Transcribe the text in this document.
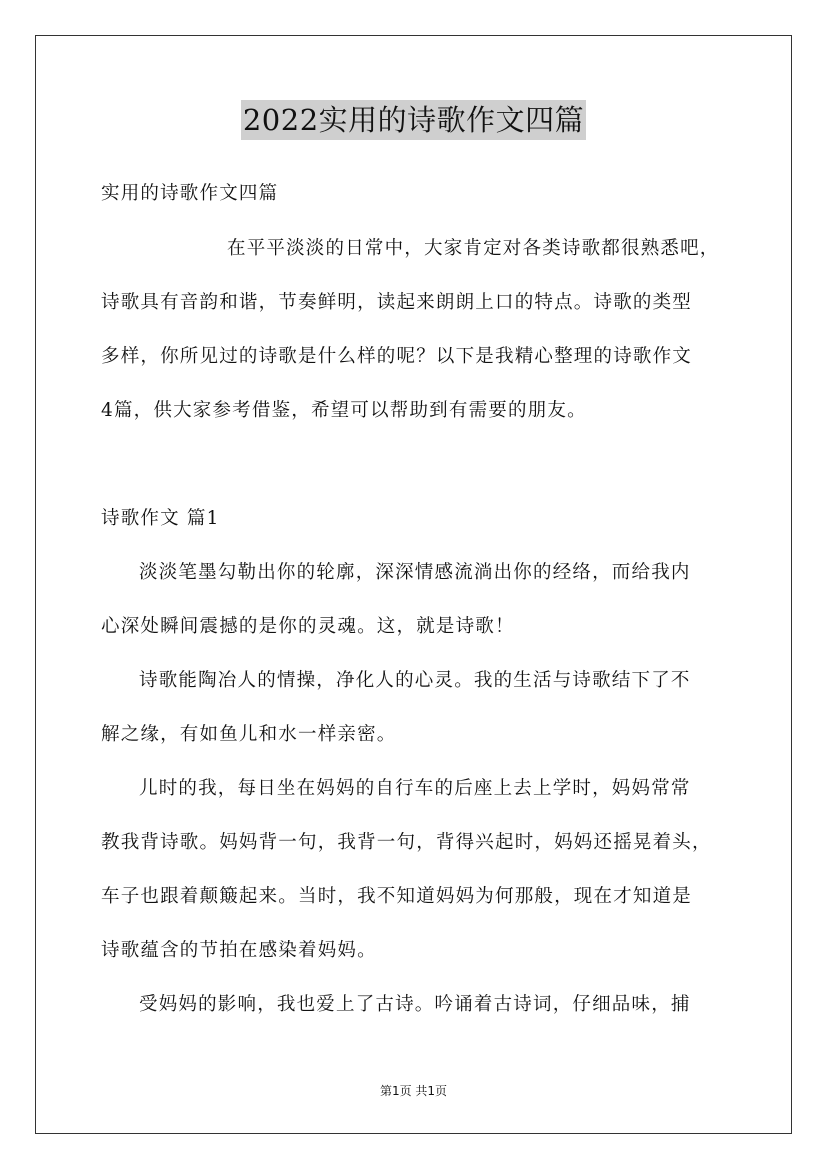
2022实用的诗歌作文四篇
实用的诗歌作文四篇
在平平淡淡的日常中，大家肯定对各类诗歌都很熟悉吧，
诗歌具有音韵和谐，节奏鲜明，读起来朗朗上口的特点。诗歌的类型
多样，你所见过的诗歌是什么样的呢？以下是我精心整理的诗歌作文
4篇，供大家参考借鉴，希望可以帮助到有需要的朋友。
诗歌作文 篇1
淡淡笔墨勾勒出你的轮廓，深深情感流淌出你的经络，而给我内
心深处瞬间震撼的是你的灵魂。这，就是诗歌！
诗歌能陶冶人的情操，净化人的心灵。我的生活与诗歌结下了不
解之缘，有如鱼儿和水一样亲密。
儿时的我，每日坐在妈妈的自行车的后座上去上学时，妈妈常常
教我背诗歌。妈妈背一句，我背一句，背得兴起时，妈妈还摇晃着头，
车子也跟着颠簸起来。当时，我不知道妈妈为何那般，现在才知道是
诗歌蕴含的节拍在感染着妈妈。
受妈妈的影响，我也爱上了古诗。吟诵着古诗词，仔细品味，捕
第1页 共1页
